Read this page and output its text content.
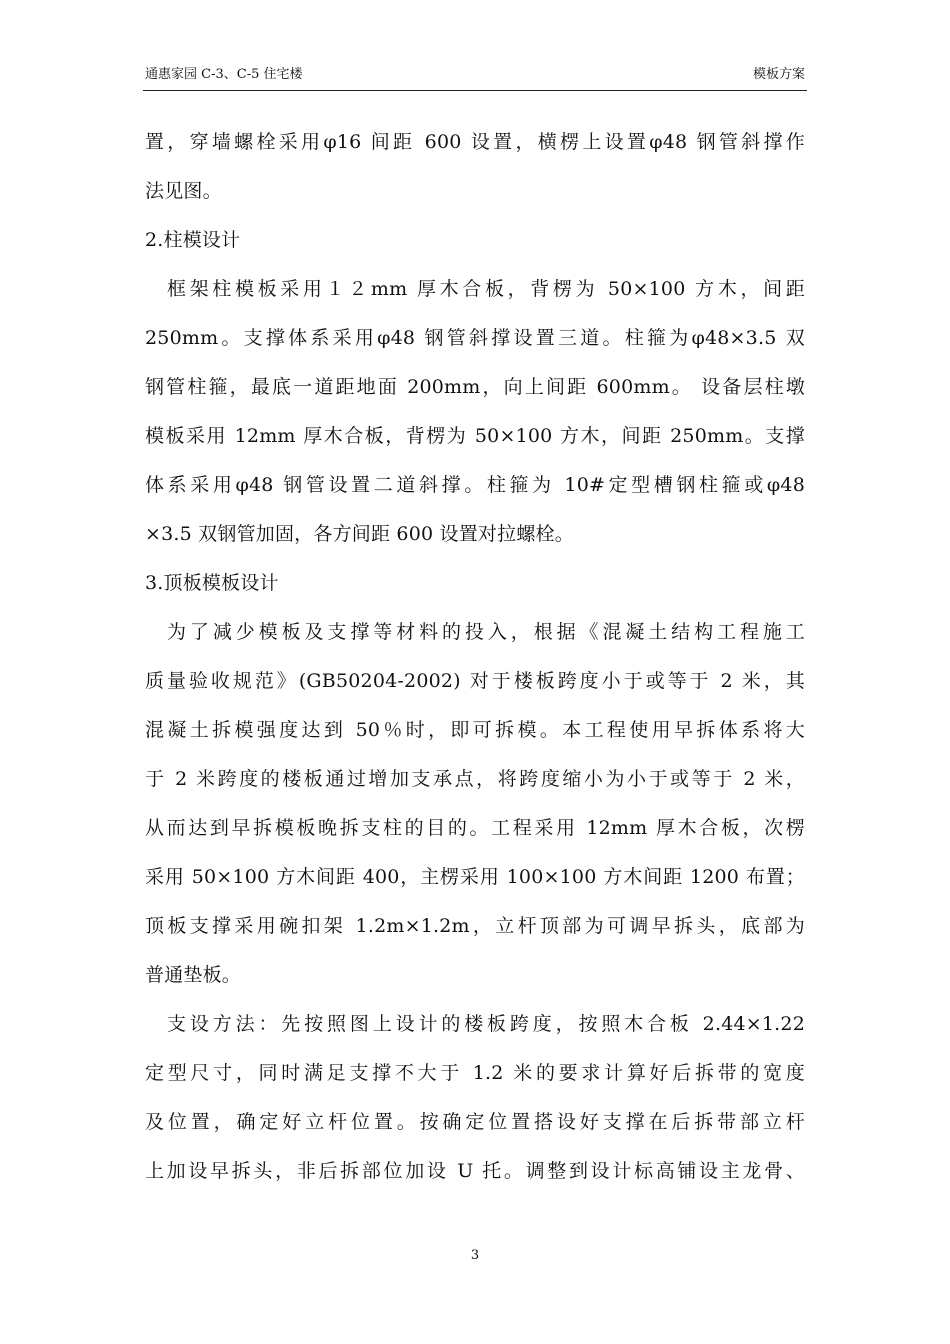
通惠家园 C-3、C-5 住宅楼	模板方案
置，穿墙螺栓采用φ16 间距 600 设置，横楞上设置φ48 钢管斜撑作
法见图。
2.柱模设计
框架柱模板采用１２mm 厚木合板，背楞为 50×100 方木，间距
250mm。支撑体系采用φ48 钢管斜撑设置三道。柱箍为φ48×3.5 双
钢管柱箍，最底一道距地面 200mm，向上间距 600mm。 设备层柱墩
模板采用 12mm 厚木合板，背楞为 50×100 方木，间距 250mm。支撑
体系采用φ48 钢管设置二道斜撑。柱箍为 10#定型槽钢柱箍或φ48
×3.5 双钢管加固，各方间距 600 设置对拉螺栓。
3.顶板模板设计
为了减少模板及支撑等材料的投入，根据《混凝土结构工程施工
质量验收规范》(GB50204-2002) 对于楼板跨度小于或等于 2 米，其
混凝土拆模强度达到 50％时，即可拆模。本工程使用早拆体系将大
于 2 米跨度的楼板通过增加支承点，将跨度缩小为小于或等于 2 米，
从而达到早拆模板晚拆支柱的目的。工程采用 12mm 厚木合板，次楞
采用 50×100 方木间距 400，主楞采用 100×100 方木间距 1200 布置；
顶板支撑采用碗扣架 1.2m×1.2m，立杆顶部为可调早拆头，底部为
普通垫板。
支设方法：先按照图上设计的楼板跨度，按照木合板 2.44×1.22
定型尺寸，同时满足支撑不大于 1.2 米的要求计算好后拆带的宽度
及位置，确定好立杆位置。按确定位置搭设好支撑在后拆带部立杆
上加设早拆头，非后拆部位加设 U 托。调整到设计标高铺设主龙骨、
3
